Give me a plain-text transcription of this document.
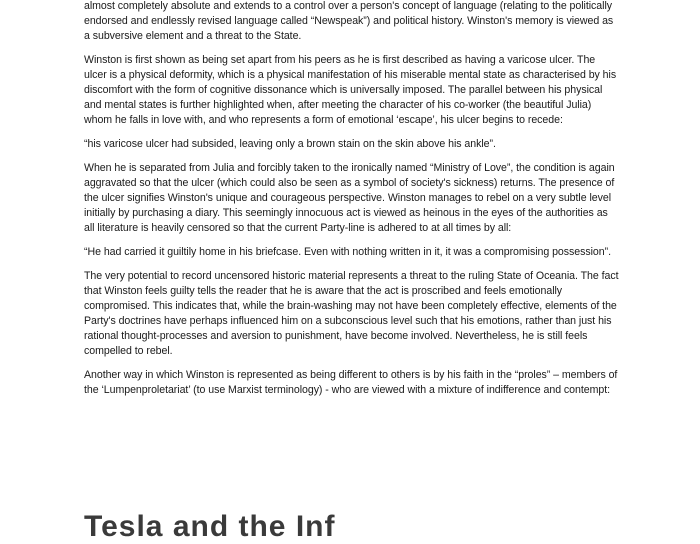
almost completely absolute and extends to a control over a person's concept of language (relating to the politically endorsed and endlessly revised language called “Newspeak”) and political history. Winston's memory is viewed as a subversive element and a threat to the State.

Winston is first shown as being set apart from his peers as he is first described as having a varicose ulcer. The ulcer is a physical deformity, which is a physical manifestation of his miserable mental state as characterised by his discomfort with the form of cognitive dissonance which is universally imposed. The parallel between his physical and mental states is further highlighted when, after meeting the character of his co-worker (the beautiful Julia) whom he falls in love with, and who represents a form of emotional ‘escape’, his ulcer begins to recede:

“his varicose ulcer had subsided, leaving only a brown stain on the skin above his ankle”.

When he is separated from Julia and forcibly taken to the ironically named “Ministry of Love”, the condition is again aggravated so that the ulcer (which could also be seen as a symbol of society's sickness) returns. The presence of the ulcer signifies Winston's unique and courageous perspective. Winston manages to rebel on a very subtle level initially by purchasing a diary. This seemingly innocuous act is viewed as heinous in the eyes of the authorities as all literature is heavily censored so that the current Party-line is adhered to at all times by all:

“He had carried it guiltily home in his briefcase. Even with nothing written in it, it was a compromising possession”.

The very potential to record uncensored historic material represents a threat to the ruling State of Oceania. The fact that Winston feels guilty tells the reader that he is aware that the act is proscribed and feels emotionally compromised. This indicates that, while the brain-washing may not have been completely effective, elements of the Party's doctrines have perhaps influenced him on a subconscious level such that his emotions, rather than just his rational thought-processes and aversion to punishment, have become involved. Nevertheless, he is still feels compelled to rebel.

Another way in which Winston is represented as being different to others is by his faith in the “proles” – members of the ‘Lumpenproletariat’ (to use Marxist terminology) - who are viewed with a mixture of indifference and contempt:

Tesla and the Inf
